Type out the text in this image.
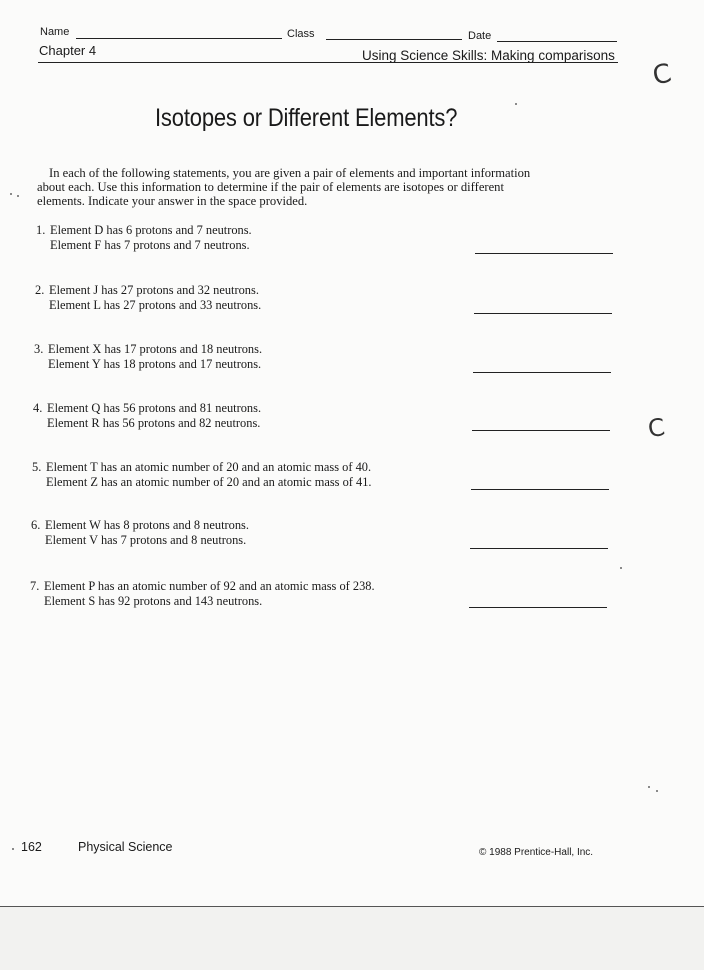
Name	Class	Date
Chapter 4	Using Science Skills: Making comparisons
Isotopes or Different Elements?
In each of the following statements, you are given a pair of elements and important information
about each. Use this information to determine if the pair of elements are isotopes or different
elements. Indicate your answer in the space provided.
1. Element D has 6 protons and 7 neutrons.
Element F has 7 protons and 7 neutrons.
2. Element J has 27 protons and 32 neutrons.
Element L has 27 protons and 33 neutrons.
3. Element X has 17 protons and 18 neutrons.
Element Y has 18 protons and 17 neutrons.
4. Element Q has 56 protons and 81 neutrons.
Element R has 56 protons and 82 neutrons.
5. Element T has an atomic number of 20 and an atomic mass of 40.
Element Z has an atomic number of 20 and an atomic mass of 41.
6. Element W has 8 protons and 8 neutrons.
Element V has 7 protons and 8 neutrons.
7. Element P has an atomic number of 92 and an atomic mass of 238.
Element S has 92 protons and 143 neutrons.
C
C
162	Physical Science	© 1988 Prentice-Hall, Inc.
